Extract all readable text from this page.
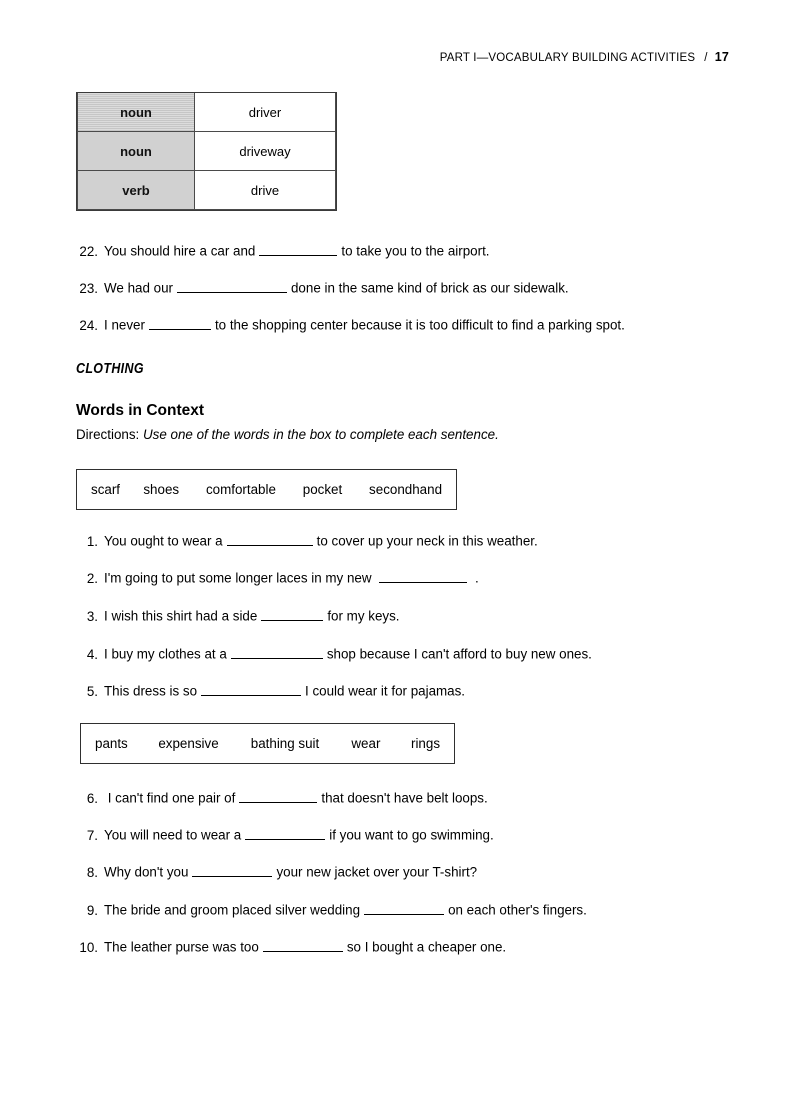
PART I—VOCABULARY BUILDING ACTIVITIES / 17
noun	driver
noun	driveway
verb	drive
22. You should hire a car and	to take you to the airport.
23. We had our	done in the same kind of brick as our sidewalk.
24. I never	to the shopping center because it is too difficult to find a parking spot.
CLOTHING
Words in Context
Directions: Use one of the words in the box to complete each sentence.
scarf shoes comfortable pocket secondhand
1. You ought to wear a	to cover up your neck in this weather.
2. I'm going to put some longer laces in my new	.
3. I wish this shirt had a side	for my keys.
4. I buy my clothes at a	shop because I can't afford to buy new ones.
5. This dress is so	I could wear it for pajamas.
pants expensive bathing suit wear rings
6. I can't find one pair of	that doesn't have belt loops.
7. You will need to wear a	if you want to go swimming.
8. Why don't you	your new jacket over your T-shirt?
9. The bride and groom placed silver wedding	on each other's fingers.
10. The leather purse was too	so I bought a cheaper one.
